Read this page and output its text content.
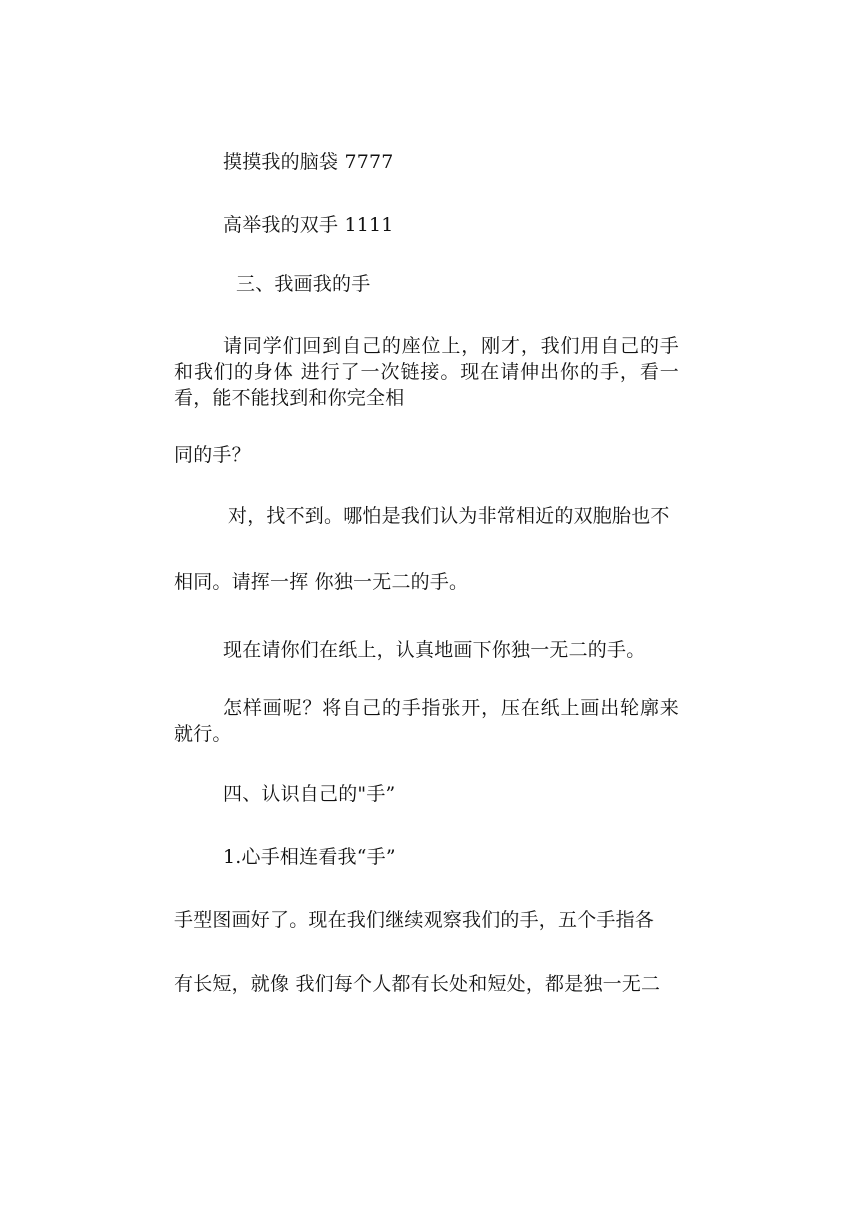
摸摸我的脑袋 7777
高举我的双手 1111
三、我画我的手
请同学们回到自己的座位上，刚才，我们用自己的手和我们的身体 进行了一次链接。现在请伸出你的手，看一看，能不能找到和你完全相
同的手？
对，找不到。哪怕是我们认为非常相近的双胞胎也不
相同。请挥一挥 你独一无二的手。
现在请你们在纸上，认真地画下你独一无二的手。
怎样画呢？将自己的手指张开，压在纸上画出轮廓来就行。
四、认识自己的"手”
1.心手相连看我“手”
手型图画好了。现在我们继续观察我们的手，五个手指各
有长短，就像 我们每个人都有长处和短处，都是独一无二
